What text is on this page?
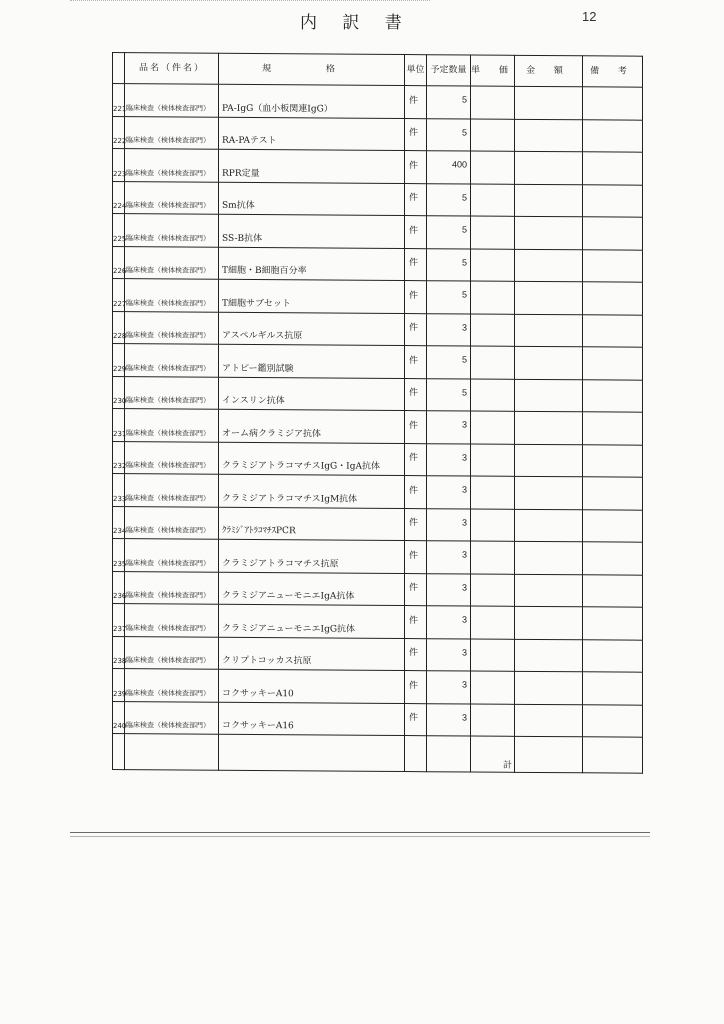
内 訳 書	12
	品名（件名）	規 格	単位	予定数量	単 価	金 額	備 考
221	臨床検査（検体検査部門）	PA-IgG（血小板関連IgG）	件	5			
222	臨床検査（検体検査部門）	RA-PAテスト	件	5			
223	臨床検査（検体検査部門）	RPR定量	件	400			
224	臨床検査（検体検査部門）	Sm抗体	件	5			
225	臨床検査（検体検査部門）	SS-B抗体	件	5			
226	臨床検査（検体検査部門）	T細胞・B細胞百分率	件	5			
227	臨床検査（検体検査部門）	T細胞サブセット	件	5			
228	臨床検査（検体検査部門）	アスペルギルス抗原	件	3			
229	臨床検査（検体検査部門）	アトピー鑑別試験	件	5			
230	臨床検査（検体検査部門）	インスリン抗体	件	5			
231	臨床検査（検体検査部門）	オーム病クラミジア抗体	件	3			
232	臨床検査（検体検査部門）	クラミジアトラコマチスIgG・IgA抗体	件	3			
233	臨床検査（検体検査部門）	クラミジアトラコマチスIgM抗体	件	3			
234	臨床検査（検体検査部門）	ｸﾗﾐｼﾞｱﾄﾗｺﾏﾁｽPCR	件	3			
235	臨床検査（検体検査部門）	クラミジアトラコマチス抗原	件	3			
236	臨床検査（検体検査部門）	クラミジアニューモニエIgA抗体	件	3			
237	臨床検査（検体検査部門）	クラミジアニューモニエIgG抗体	件	3			
238	臨床検査（検体検査部門）	クリプトコッカス抗原	件	3			
239	臨床検査（検体検査部門）	コクサッキーA10	件	3			
240	臨床検査（検体検査部門）	コクサッキーA16	件	3			
					計		
